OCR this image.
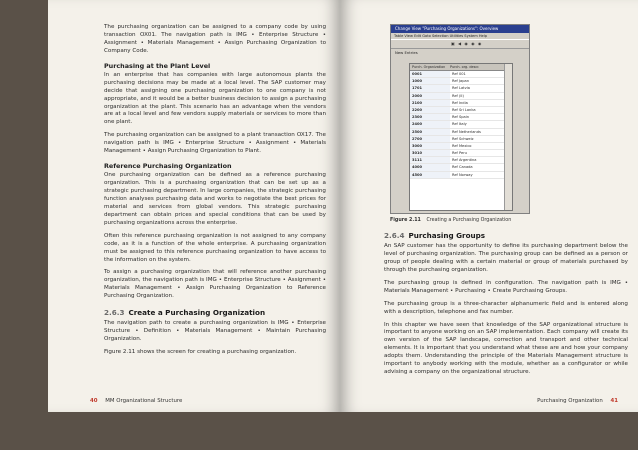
The purchasing organization can be assigned to a company code by using transaction OX01. The navigation path is IMG • Enterprise Structure • Assignment • Materials Management • Assign Purchasing Organization to Company Code.

Purchasing at the Plant Level

In an enterprise that has companies with large autonomous plants the purchasing decisions may be made at a local level. The SAP customer may decide that assigning one purchasing organization to one company is not appropriate, and it would be a better business decision to assign a purchasing organization at the plant. This scenario has an advantage when the vendors are at a local level and few vendors supply materials or services to more than one plant.

The purchasing organization can be assigned to a plant transaction OX17. The navigation path is IMG • Enterprise Structure • Assignment • Materials Management • Assign Purchasing Organization to Plant.

Reference Purchasing Organization

One purchasing organization can be defined as a reference purchasing organization. This is a purchasing organization that can be set up as a strategic purchasing department. In large companies, the strategic purchasing function analyses purchasing data and works to negotiate the best prices for material and services from global vendors. This strategic purchasing department can obtain prices and special conditions that can be used by purchasing organizations across the enterprise.

Often this reference purchasing organization is not assigned to any company code, as it is a function of the whole enterprise. A purchasing organization must be assigned to this reference purchasing organization to have access to the information on the system.

To assign a purchasing organization that will reference another purchasing organization, the navigation path is IMG • Enterprise Structure • Assignment • Materials Management • Assign Purchasing Organization to Reference Purchasing Organization.

2.6.3 Create a Purchasing Organization

The navigation path to create a purchasing organization is IMG • Enterprise Structure • Definition • Materials Management • Maintain Purchasing Organization.

Figure 2.11 shows the screen for creating a purchasing organization.

40 MM Organizational Structure
Change View "Purchasing Organizations": Overview
Table View Edit Goto Selection Utilities System Help
▣ ◀ ◉ ◉ ◉
New Entries
Purch. Organization	Purch. org. descr.
0001	Ref 001
1000	Ref Japan
1701	Ref Latvia
2000	Ref (II)
2100	Ref India
2200	Ref Sri Lanka
2300	Ref Spain
2400	Ref Italy
2500	Ref Netherlands
2700	Ref Schweiz
3000	Ref Mexico
3010	Ref Peru
3111	Ref Argentina
4000	Ref Canada
4500	Ref Norway
Figure 2.11 Creating a Purchasing Organization
2.6.4 Purchasing Groups

An SAP customer has the opportunity to define its purchasing department below the level of purchasing organization. The purchasing group can be defined as a person or group of people dealing with a certain material or group of materials purchased by through the purchasing organization.

The purchasing group is defined in configuration. The navigation path is IMG • Materials Management • Purchasing • Create Purchasing Groups.

The purchasing group is a three-character alphanumeric field and is entered along with a description, telephone and fax number.

In this chapter we have seen that knowledge of the SAP organizational structure is important to anyone working on an SAP implementation. Each company will create its own version of the SAP landscape, correction and transport and other technical elements. It is important that you understand what these are and how your company adopts them. Understanding the principle of the Materials Management structure is important to anybody working with the module, whether as a configurator or while advising a company on the organizational structure.

Purchasing Organization 41
